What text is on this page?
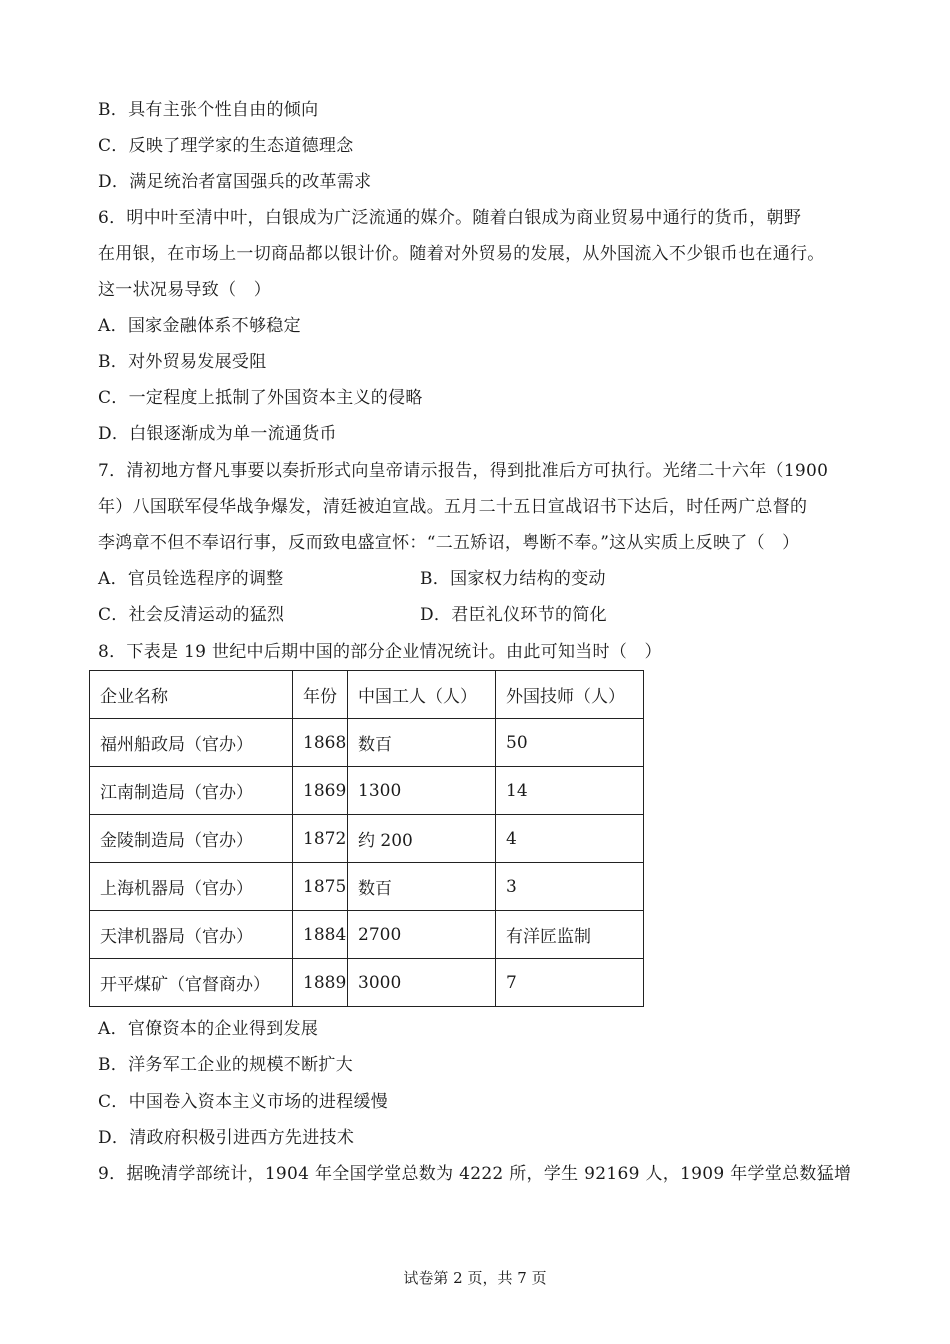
B．具有主张个性自由的倾向
C．反映了理学家的生态道德理念
D．满足统治者富国强兵的改革需求
6．明中叶至清中叶，白银成为广泛流通的媒介。随着白银成为商业贸易中通行的货币，朝野
在用银，在市场上一切商品都以银计价。随着对外贸易的发展，从外国流入不少银币也在通行。
这一状况易导致（　）
A．国家金融体系不够稳定
B．对外贸易发展受阻
C．一定程度上抵制了外国资本主义的侵略
D．白银逐渐成为单一流通货币
7．清初地方督凡事要以奏折形式向皇帝请示报告，得到批准后方可执行。光绪二十六年（1900
年）八国联军侵华战争爆发，清廷被迫宣战。五月二十五日宣战诏书下达后，时任两广总督的
李鸿章不但不奉诏行事，反而致电盛宣怀：“二五矫诏，粤断不奉。”这从实质上反映了（　）
A．官员铨选程序的调整	B．国家权力结构的变动
C．社会反清运动的猛烈	D．君臣礼仪环节的简化
8．下表是 19 世纪中后期中国的部分企业情况统计。由此可知当时（　）
企业名称	年份	中国工人（人）	外国技师（人）
福州船政局（官办）	1868	数百	50
江南制造局（官办）	1869	1300	14
金陵制造局（官办）	1872	约 200	4
上海机器局（官办）	1875	数百	3
天津机器局（官办）	1884	2700	有洋匠监制
开平煤矿（官督商办）	1889	3000	7
A．官僚资本的企业得到发展
B．洋务军工企业的规模不断扩大
C．中国卷入资本主义市场的进程缓慢
D．清政府积极引进西方先进技术
9．据晚清学部统计，1904 年全国学堂总数为 4222 所，学生 92169 人，1909 年学堂总数猛增
试卷第 2 页，共 7 页
